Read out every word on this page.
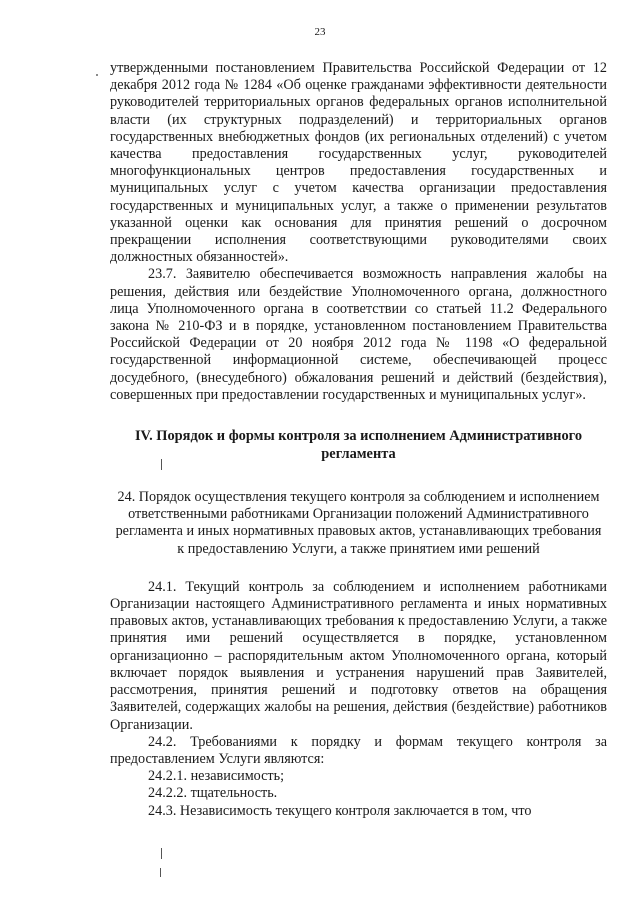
23

утвержденными постановлением Правительства Российской Федерации от 12 декабря 2012 года № 1284 «Об оценке гражданами эффективности деятельности руководителей территориальных органов федеральных органов исполнительной власти (их структурных подразделений) и территориальных органов государственных внебюджетных фондов (их региональных отделений) с учетом качества предоставления государственных услуг, руководителей многофункциональных центров предоставления государственных и муниципальных услуг с учетом качества организации предоставления государственных и муниципальных услуг, а также о применении результатов указанной оценки как основания для принятия решений о досрочном прекращении исполнения соответствующими руководителями своих должностных обязанностей».

23.7. Заявителю обеспечивается возможность направления жалобы на решения, действия или бездействие Уполномоченного органа, должностного лица Уполномоченного органа в соответствии со статьей 11.2 Федерального закона № 210-ФЗ и в порядке, установленном постановлением Правительства Российской Федерации от 20 ноября 2012 года № 1198 «О федеральной государственной информационной системе, обеспечивающей процесс досудебного, (внесудебного) обжалования решений и действий (бездействия), совершенных при предоставлении государственных и муниципальных услуг».

IV. Порядок и формы контроля за исполнением Административного регламента
24. Порядок осуществления текущего контроля за соблюдением и исполнением ответственными работниками Организации положений Административного регламента и иных нормативных правовых актов, устанавливающих требования к предоставлению Услуги, а также принятием ими решений

24.1. Текущий контроль за соблюдением и исполнением работниками Организации настоящего Административного регламента и иных нормативных правовых актов, устанавливающих требования к предоставлению Услуги, а также принятия ими решений осуществляется в порядке, установленном организационно – распорядительным актом Уполномоченного органа, который включает порядок выявления и устранения нарушений прав Заявителей, рассмотрения, принятия решений и подготовку ответов на обращения Заявителей, содержащих жалобы на решения, действия (бездействие) работников Организации.

24.2. Требованиями к порядку и формам текущего контроля за предоставлением Услуги являются:

24.2.1. независимость;

24.2.2. тщательность.

24.3. Независимость текущего контроля заключается в том, что
